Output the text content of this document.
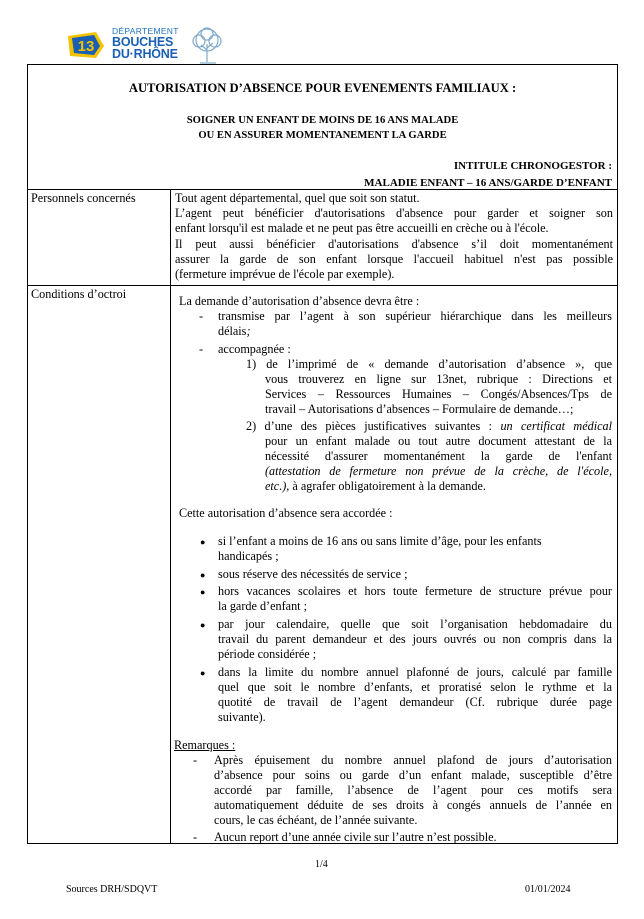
13
DÉPARTEMENT
BOUCHES
DU·RHÔNE
AUTORISATION D’ABSENCE POUR EVENEMENTS FAMILIAUX :
SOIGNER UN ENFANT DE MOINS DE 16 ANS MALADE
OU EN ASSURER MOMENTANEMENT LA GARDE
INTITULE CHRONOGESTOR :
MALADIE ENFANT – 16 ANS/GARDE D’ENFANT
Personnels concernés	Tout agent départemental, quel que soit son statut.
L’agent peut bénéficier d'autorisations d'absence pour garder et soigner son
enfant lorsqu'il est malade et ne peut pas être accueilli en crèche ou à l'école.
Il peut aussi bénéficier d'autorisations d'absence s’il doit momentanément
assurer la garde de son enfant lorsque l'accueil habituel n'est pas possible
(fermeture imprévue de l'école par exemple).
Conditions d’octroi	La demande d’autorisation d’absence devra être :
- transmise par l’agent à son supérieur hiérarchique dans les meilleurs
délais;
- accompagnée :
1) de l’imprimé de « demande d’autorisation d’absence », que
vous trouverez en ligne sur 13net, rubrique : Directions et
Services – Ressources Humaines – Congés/Absences/Tps de
travail – Autorisations d’absences – Formulaire de demande…;
2) d’une des pièces justificatives suivantes : un certificat médical
pour un enfant malade ou tout autre document attestant de la
nécessité d'assurer momentanément la garde de l'enfant
(attestation de fermeture non prévue de la crèche, de l'école,
etc.), à agrafer obligatoirement à la demande.
Cette autorisation d’absence sera accordée :
● si l’enfant a moins de 16 ans ou sans limite d’âge, pour les enfants
handicapés ;
● sous réserve des nécessités de service ;
● hors vacances scolaires et hors toute fermeture de structure prévue pour
la garde d’enfant ;
● par jour calendaire, quelle que soit l’organisation hebdomadaire du
travail du parent demandeur et des jours ouvrés ou non compris dans la
période considérée ;
● dans la limite du nombre annuel plafonné de jours, calculé par famille
quel que soit le nombre d’enfants, et proratisé selon le rythme et la
quotité de travail de l’agent demandeur (Cf. rubrique durée page
suivante).
Remarques :
- Après épuisement du nombre annuel plafond de jours d’autorisation
d’absence pour soins ou garde d’un enfant malade, susceptible d’être
accordé par famille, l’absence de l’agent pour ces motifs sera
automatiquement déduite de ses droits à congés annuels de l’année en
cours, le cas échéant, de l’année suivante.
- Aucun report d’une année civile sur l’autre n’est possible.
1/4
Sources DRH/SDQVT	01/01/2024
